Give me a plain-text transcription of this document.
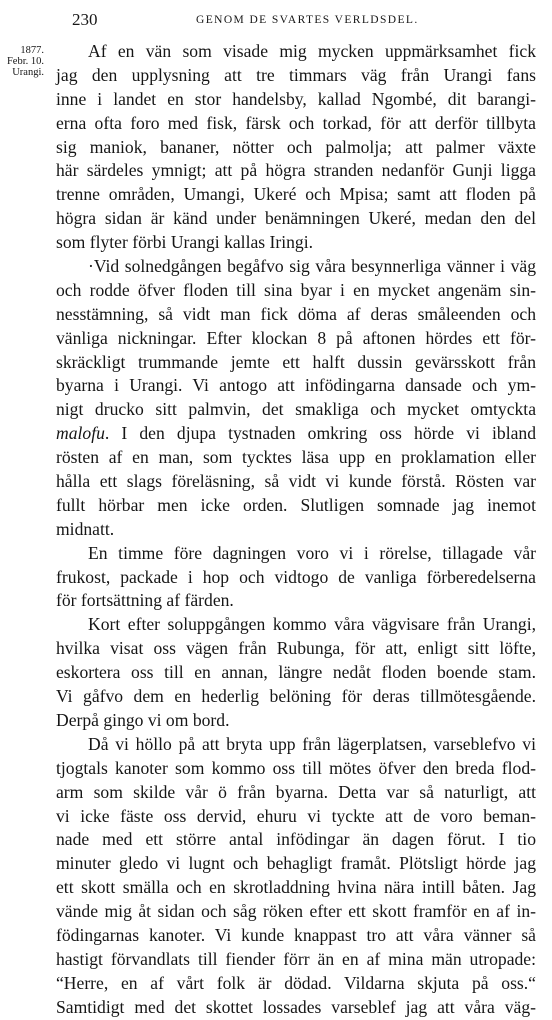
230	GENOM DE SVARTES VERLDSDEL.
1877.
Febr. 10.
Urangi.
Af en vän som visade mig mycken uppmärksamhet fick
jag den upplysning att tre timmars väg från Urangi fans
inne i landet en stor handelsby, kallad Ngombé, dit barangi-
erna ofta foro med fisk, färsk och torkad, för att derför tillbyta
sig maniok, bananer, nötter och palmolja; att palmer växte
här särdeles ymnigt; att på högra stranden nedanför Gunji ligga
trenne områden, Umangi, Ukeré och Mpisa; samt att floden på
högra sidan är känd under benämningen Ukeré, medan den del
som flyter förbi Urangi kallas Iringi.
·Vid solnedgången begåfvo sig våra besynnerliga vänner i väg
och rodde öfver floden till sina byar i en mycket angenäm sin-
nesstämning, så vidt man fick döma af deras småleenden och
vänliga nickningar. Efter klockan 8 på aftonen hördes ett för-
skräckligt trummande jemte ett halft dussin gevärsskott från
byarna i Urangi. Vi antogo att infödingarna dansade och ym-
nigt drucko sitt palmvin, det smakliga och mycket omtyckta
malofu. I den djupa tystnaden omkring oss hörde vi ibland
rösten af en man, som tycktes läsa upp en proklamation eller
hålla ett slags föreläsning, så vidt vi kunde förstå. Rösten var
fullt hörbar men icke orden. Slutligen somnade jag inemot
midnatt.
En timme före dagningen voro vi i rörelse, tillagade vår
frukost, packade i hop och vidtogo de vanliga förberedelserna
för fortsättning af färden.
Kort efter soluppgången kommo våra vägvisare från Urangi,
hvilka visat oss vägen från Rubunga, för att, enligt sitt löfte,
eskortera oss till en annan, längre nedåt floden boende stam.
Vi gåfvo dem en hederlig belöning för deras tillmötesgående.
Derpå gingo vi om bord.
Då vi höllo på att bryta upp från lägerplatsen, varseblefvo vi
tjogtals kanoter som kommo oss till mötes öfver den breda flod-
arm som skilde vår ö från byarna. Detta var så naturligt, att
vi icke fäste oss dervid, ehuru vi tyckte att de voro beman-
nade med ett större antal infödingar än dagen förut. I tio
minuter gledo vi lugnt och behagligt framåt. Plötsligt hörde jag
ett skott smälla och en skrotladdning hvina nära intill båten. Jag
vände mig åt sidan och såg röken efter ett skott framför en af in-
födingarnas kanoter. Vi kunde knappast tro att våra vänner så
hastigt förvandlats till fiender förr än en af mina män utropade:
“Herre, en af vårt folk är dödad. Vildarna skjuta på oss.“
Samtidigt med det skottet lossades varseblef jag att våra väg-
